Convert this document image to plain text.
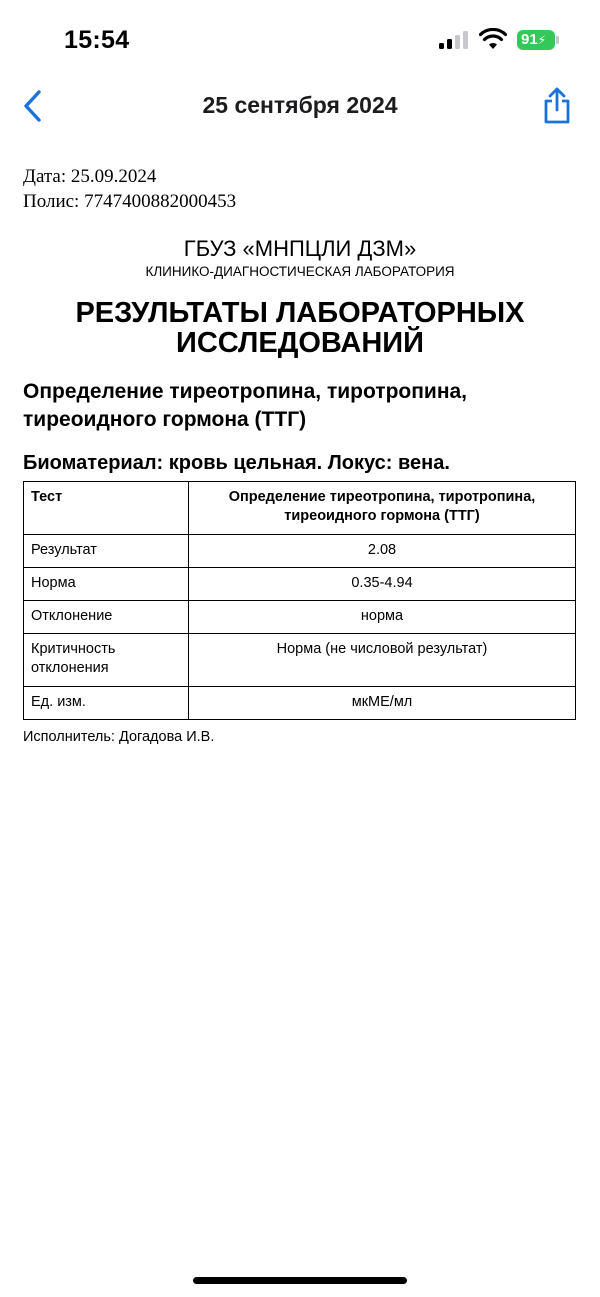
15:54	91⚡
25 сентября 2024
Дата: 25.09.2024
Полис: 7747400882000453
ГБУЗ «МНПЦЛИ ДЗМ»
КЛИНИКО-ДИАГНОСТИЧЕСКАЯ ЛАБОРАТОРИЯ
РЕЗУЛЬТАТЫ ЛАБОРАТОРНЫХ ИССЛЕДОВАНИЙ
Определение тиреотропина, тиротропина, тиреоидного гормона (ТТГ)
Биоматериал: кровь цельная. Локус: вена.
Тест	Определение тиреотропина, тиротропина, тиреоидного гормона (ТТГ)
Результат	2.08
Норма	0.35-4.94
Отклонение	норма
Критичность отклонения	Норма (не числовой результат)
Ед. изм.	мкМЕ/мл
Исполнитель: Догадова И.В.
